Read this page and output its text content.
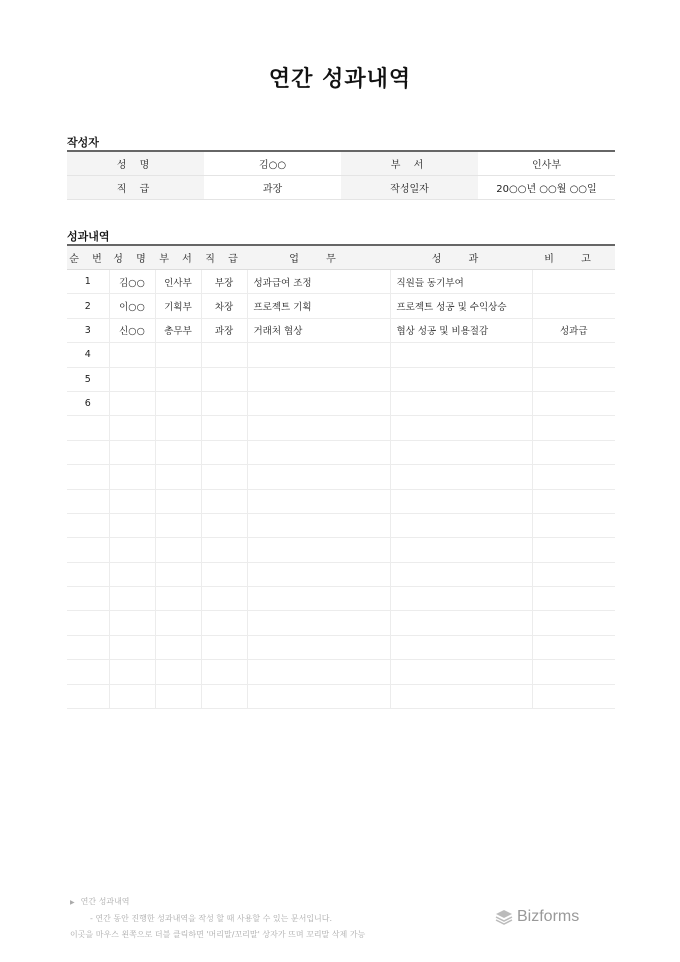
연간 성과내역
작성자
성 명	김○○	부 서	인사부
직 급	과장	작성일자	20○○년 ○○월 ○○일
성과내역
순 번	성 명	부 서	직 급	업 무	성 과	비 고
1	김○○	인사부	부장	성과급여 조정	직원들 동기부여	
2	이○○	기획부	차장	프로젝트 기획	프로젝트 성공 및 수익상승	
3	신○○	총무부	과장	거래처 협상	협상 성공 및 비용절감	성과급
4						
5						
6						

▶ 연간 성과내역
- 연간 동안 진행한 성과내역을 작성 할 때 사용할 수 있는 문서입니다.
이곳을 마우스 왼쪽으로 더블 클릭하면 '머리말/꼬리말' 상자가 뜨며 꼬리말 삭제 가능
Bizforms
